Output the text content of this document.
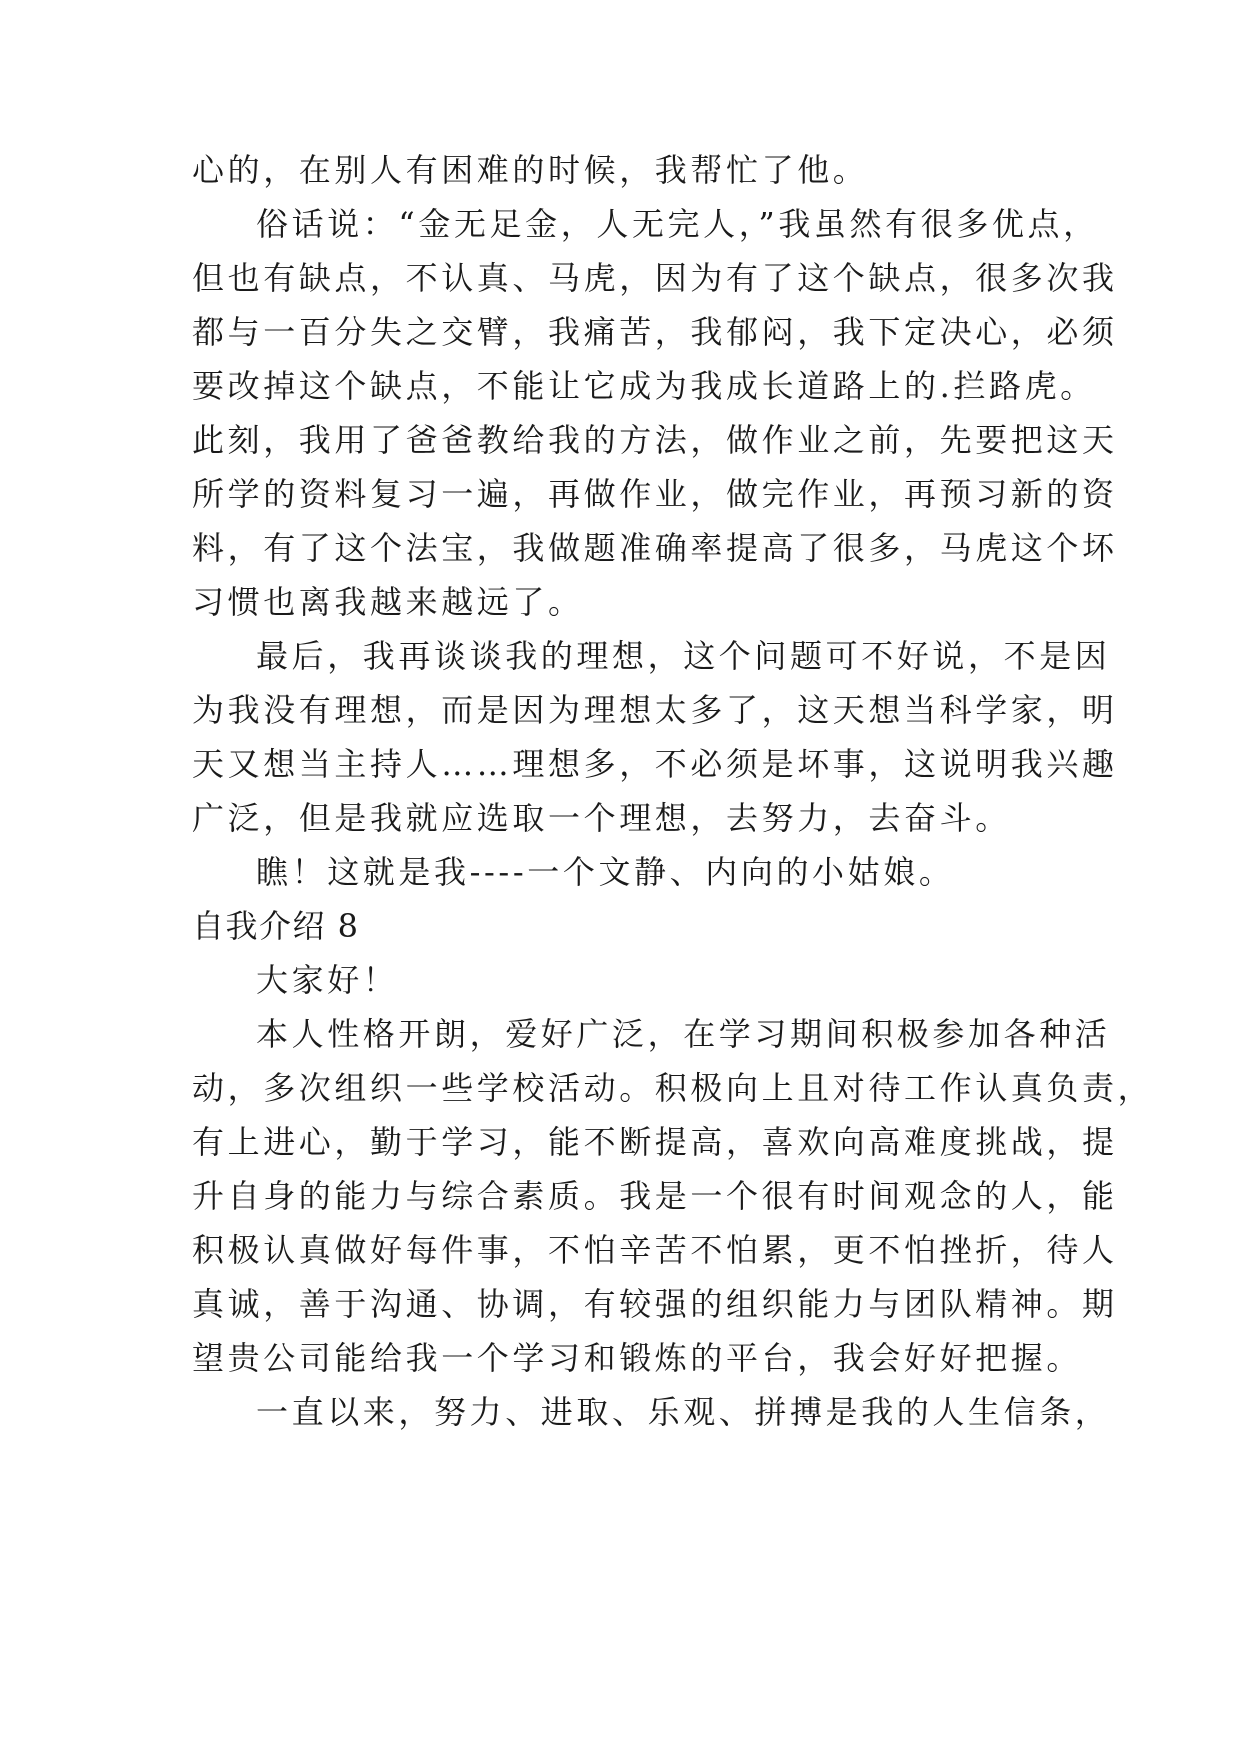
心的，在别人有困难的时候，我帮忙了他。
俗话说：“金无足金，人无完人，”我虽然有很多优点，
但也有缺点，不认真、马虎，因为有了这个缺点，很多次我
都与一百分失之交臂，我痛苦，我郁闷，我下定决心，必须
要改掉这个缺点，不能让它成为我成长道路上的.拦路虎。
此刻，我用了爸爸教给我的方法，做作业之前，先要把这天
所学的资料复习一遍，再做作业，做完作业，再预习新的资
料，有了这个法宝，我做题准确率提高了很多，马虎这个坏
习惯也离我越来越远了。
最后，我再谈谈我的理想，这个问题可不好说，不是因
为我没有理想，而是因为理想太多了，这天想当科学家，明
天又想当主持人……理想多，不必须是坏事，这说明我兴趣
广泛，但是我就应选取一个理想，去努力，去奋斗。
瞧！这就是我----一个文静、内向的小姑娘。
自我介绍 8
大家好！
本人性格开朗，爱好广泛，在学习期间积极参加各种活
动，多次组织一些学校活动。积极向上且对待工作认真负责，
有上进心，勤于学习，能不断提高，喜欢向高难度挑战，提
升自身的能力与综合素质。我是一个很有时间观念的人，能
积极认真做好每件事，不怕辛苦不怕累，更不怕挫折，待人
真诚，善于沟通、协调，有较强的组织能力与团队精神。期
望贵公司能给我一个学习和锻炼的平台，我会好好把握。
一直以来，努力、进取、乐观、拼搏是我的人生信条，
